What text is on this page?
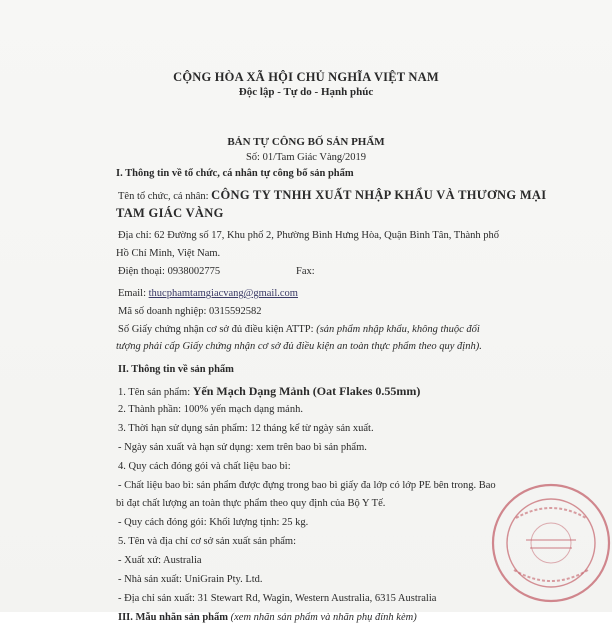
CỘNG HÒA XÃ HỘI CHỦ NGHĨA VIỆT NAM
Độc lập - Tự do - Hạnh phúc
BẢN TỰ CÔNG BỐ SẢN PHẨM
Số: 01/Tam Giác Vàng/2019
I. Thông tin về tổ chức, cá nhân tự công bố sản phẩm
Tên tổ chức, cá nhân: CÔNG TY TNHH XUẤT NHẬP KHẨU VÀ THƯƠNG MẠI
TAM GIÁC VÀNG
Địa chỉ: 62 Đường số 17, Khu phố 2, Phường Bình Hưng Hòa, Quận Bình Tân, Thành phố
Hồ Chí Minh, Việt Nam.
Điện thoại: 0938002775	Fax:
Email: thucphamtamgiacvang@gmail.com
Mã số doanh nghiệp: 0315592582
Số Giấy chứng nhận cơ sở đủ điều kiện ATTP: (sản phẩm nhập khẩu, không thuộc đối
tượng phải cấp Giấy chứng nhận cơ sở đủ điều kiện an toàn thực phẩm theo quy định).
II. Thông tin về sản phẩm
1. Tên sản phẩm: Yến Mạch Dạng Mảnh (Oat Flakes 0.55mm)
2. Thành phần: 100% yến mạch dạng mảnh.
3. Thời hạn sử dụng sản phẩm: 12 tháng kể từ ngày sản xuất.
- Ngày sản xuất và hạn sử dụng: xem trên bao bì sản phẩm.
4. Quy cách đóng gói và chất liệu bao bì:
- Chất liệu bao bì: sản phẩm được đựng trong bao bì giấy đa lớp có lớp PE bên trong. Bao
bì đạt chất lượng an toàn thực phẩm theo quy định của Bộ Y Tế.
- Quy cách đóng gói: Khối lượng tịnh: 25 kg.
5. Tên và địa chỉ cơ sở sản xuất sản phẩm:
- Xuất xứ: Australia
- Nhà sản xuất: UniGrain Pty. Ltd.
- Địa chỉ sản xuất: 31 Stewart Rd, Wagin, Western Australia, 6315 Australia
III. Mẫu nhãn sản phẩm (xem nhãn sản phẩm và nhãn phụ đính kèm)
